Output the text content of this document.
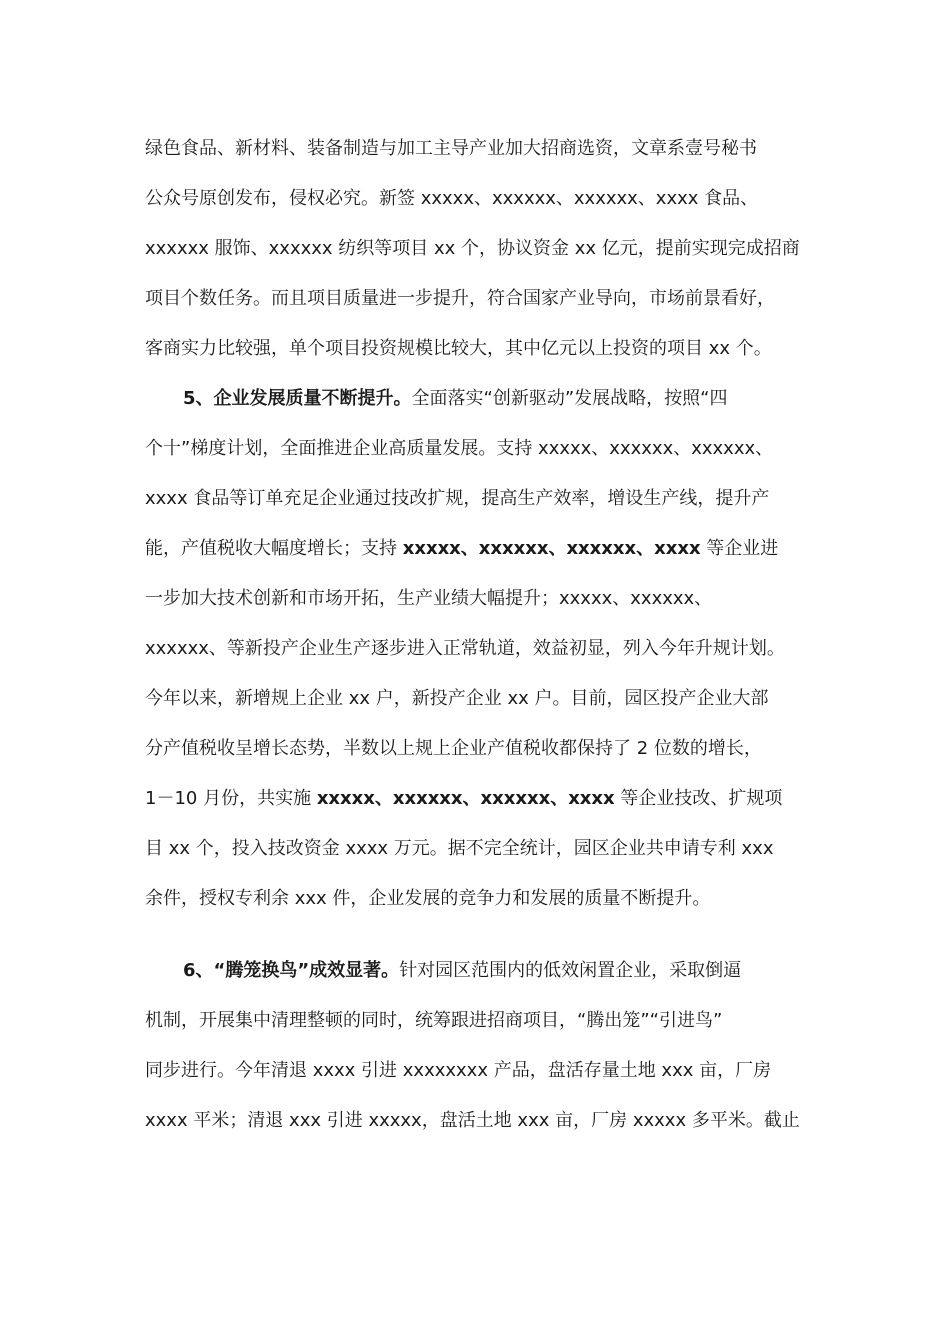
绿色食品、新材料、装备制造与加工主导产业加大招商选资，文章系壹号秘书
公众号原创发布，侵权必究。新签 xxxxx、xxxxxx、xxxxxx、xxxx 食品、
xxxxxx 服饰、xxxxxx 纺织等项目 xx 个，协议资金 xx 亿元，提前实现完成招商
项目个数任务。而且项目质量进一步提升，符合国家产业导向，市场前景看好，
客商实力比较强，单个项目投资规模比较大，其中亿元以上投资的项目 xx 个。
5、企业发展质量不断提升。全面落实“创新驱动”发展战略，按照“四
个十”梯度计划，全面推进企业高质量发展。支持 xxxxx、xxxxxx、xxxxxx、
xxxx 食品等订单充足企业通过技改扩规，提高生产效率，增设生产线，提升产
能，产值税收大幅度增长；支持 xxxxx、xxxxxx、xxxxxx、xxxx 等企业进
一步加大技术创新和市场开拓，生产业绩大幅提升；xxxxx、xxxxxx、
xxxxxx、等新投产企业生产逐步进入正常轨道，效益初显，列入今年升规计划。
今年以来，新增规上企业 xx 户，新投产企业 xx 户。目前，园区投产企业大部
分产值税收呈增长态势，半数以上规上企业产值税收都保持了 2 位数的增长，
1－10 月份，共实施 xxxxx、xxxxxx、xxxxxx、xxxx 等企业技改、扩规项
目 xx 个，投入技改资金 xxxx 万元。据不完全统计，园区企业共申请专利 xxx
余件，授权专利余 xxx 件，企业发展的竞争力和发展的质量不断提升。
6、“腾笼换鸟”成效显著。针对园区范围内的低效闲置企业，采取倒逼
机制，开展集中清理整顿的同时，统筹跟进招商项目，“腾出笼”“引进鸟”
同步进行。今年清退 xxxx 引进 xxxxxxxx 产品，盘活存量土地 xxx 亩，厂房
xxxx 平米；清退 xxx 引进 xxxxx，盘活土地 xxx 亩，厂房 xxxxx 多平米。截止
